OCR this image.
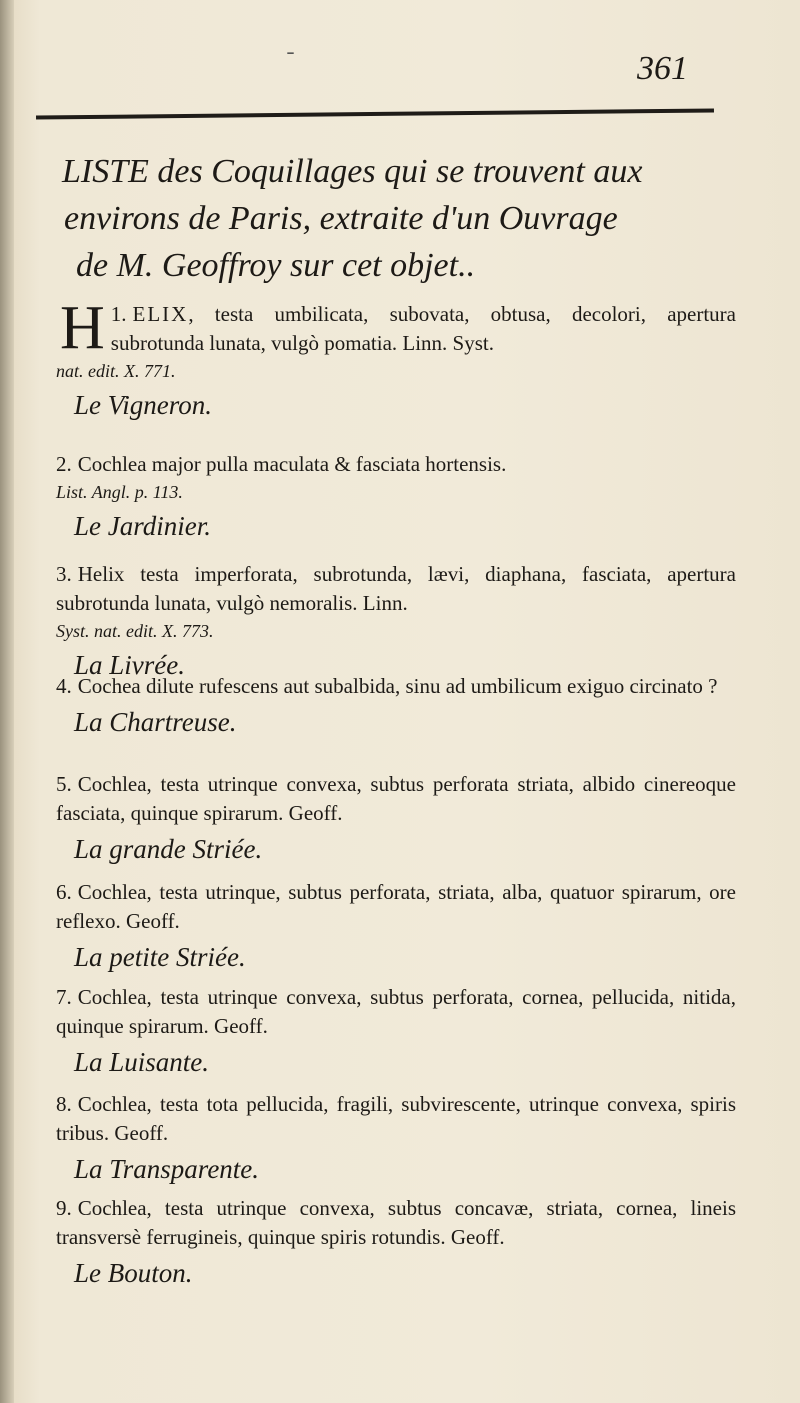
ˉ	361
LISTE des Coquillages qui se trouvent aux
environs de Paris, extraite d'un Ouvrage
de M. Geoffroy sur cet objet..
1.
H ELIX, testa umbilicata, subovata, obtusa, decolori, apertura subrotunda lunata, vulgò pomatia. Linn. Syst.
nat. edit. X. 771.
Le Vigneron.
2. Cochlea major pulla maculata & fasciata hortensis.
List. Angl. p. 113.
Le Jardinier.
3. Helix testa imperforata, subrotunda, lævi, diaphana, fasciata, apertura subrotunda lunata, vulgò nemoralis. Linn.
Syst. nat. edit. X. 773.
La Livrée.
4. Cochea dilute rufescens aut subalbida, sinu ad umbilicum exiguo circinato ?
La Chartreuse.
5. Cochlea, testa utrinque convexa, subtus perforata striata, albido cinereoque fasciata, quinque spirarum. Geoff.
La grande Striée.
6. Cochlea, testa utrinque, subtus perforata, striata, alba, quatuor spirarum, ore reflexo. Geoff.
La petite Striée.
7. Cochlea, testa utrinque convexa, subtus perforata, cornea, pellucida, nitida, quinque spirarum. Geoff.
La Luisante.
8. Cochlea, testa tota pellucida, fragili, subvirescente, utrinque convexa, spiris tribus. Geoff.
La Transparente.
9. Cochlea, testa utrinque convexa, subtus concavæ, striata, cornea, lineis transversè ferrugineis, quinque spiris rotundis. Geoff.
Le Bouton.
